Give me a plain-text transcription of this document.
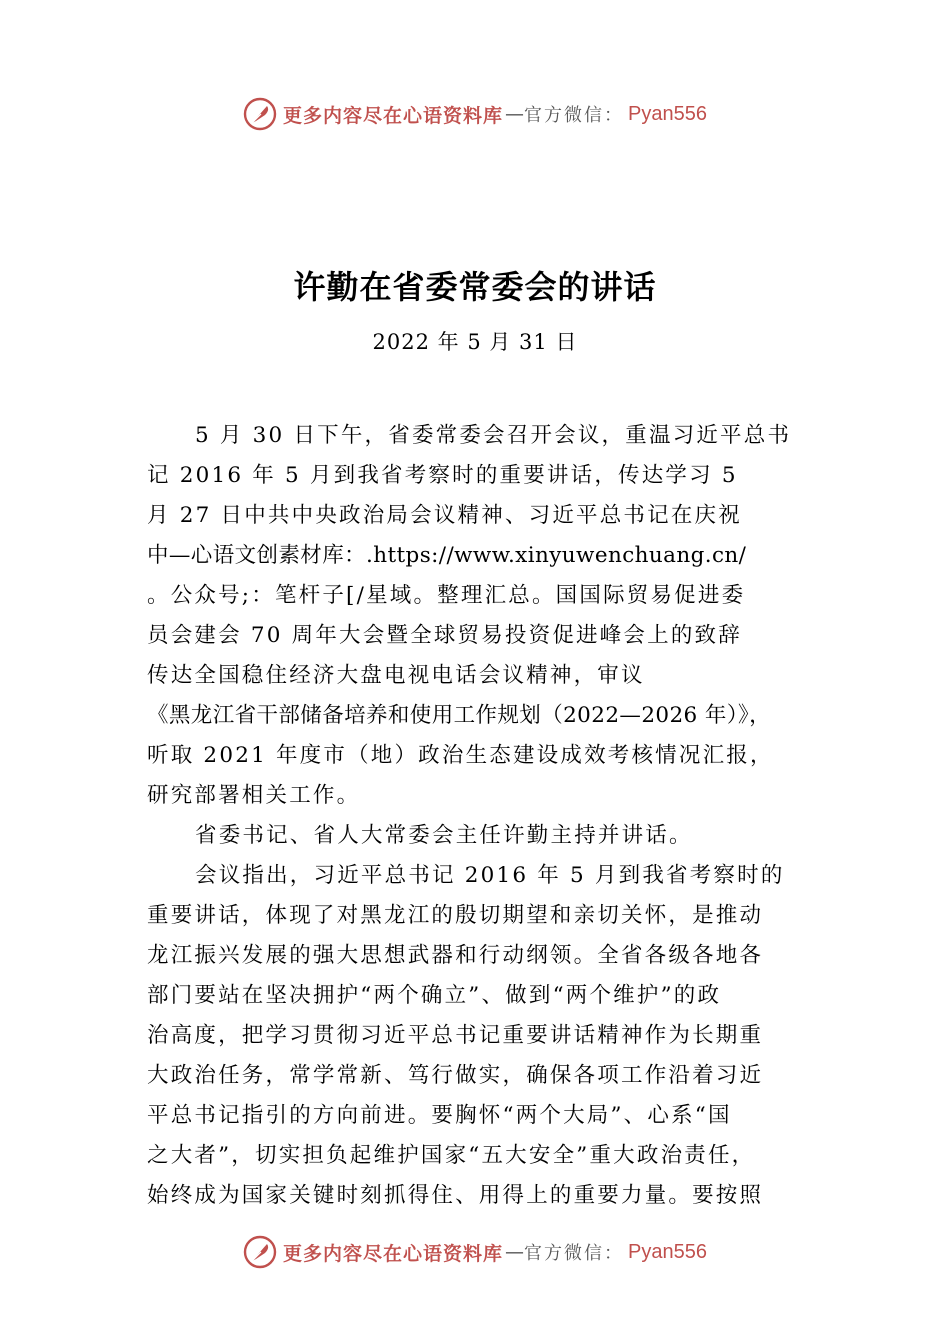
更多内容尽在心语资料库 — 官方微信： Pyan556
许勤在省委常委会的讲话
2022 年 5 月 31 日
5 月 30 日下午，省委常委会召开会议，重温习近平总书
记 2016 年 5 月到我省考察时的重要讲话，传达学习 5
月 27 日中共中央政治局会议精神、习近平总书记在庆祝
中—心语文创素材库：.https://www.xinyuwenchuang.cn/
。公众号;：笔杆子[/星域。整理汇总。国国际贸易促进委
员会建会 70 周年大会暨全球贸易投资促进峰会上的致辞
传达全国稳住经济大盘电视电话会议精神，审议
《黑龙江省干部储备培养和使用工作规划（2022—2026 年）》，
听取 2021 年度市（地）政治生态建设成效考核情况汇报，
研究部署相关工作。
省委书记、省人大常委会主任许勤主持并讲话。
会议指出，习近平总书记 2016 年 5 月到我省考察时的
重要讲话，体现了对黑龙江的殷切期望和亲切关怀，是推动
龙江振兴发展的强大思想武器和行动纲领。全省各级各地各
部门要站在坚决拥护“两个确立”、做到“两个维护”的政
治高度，把学习贯彻习近平总书记重要讲话精神作为长期重
大政治任务，常学常新、笃行做实，确保各项工作沿着习近
平总书记指引的方向前进。要胸怀“两个大局”、心系“国
之大者”，切实担负起维护国家“五大安全”重大政治责任，
始终成为国家关键时刻抓得住、用得上的重要力量。要按照
更多内容尽在心语资料库 — 官方微信： Pyan556
